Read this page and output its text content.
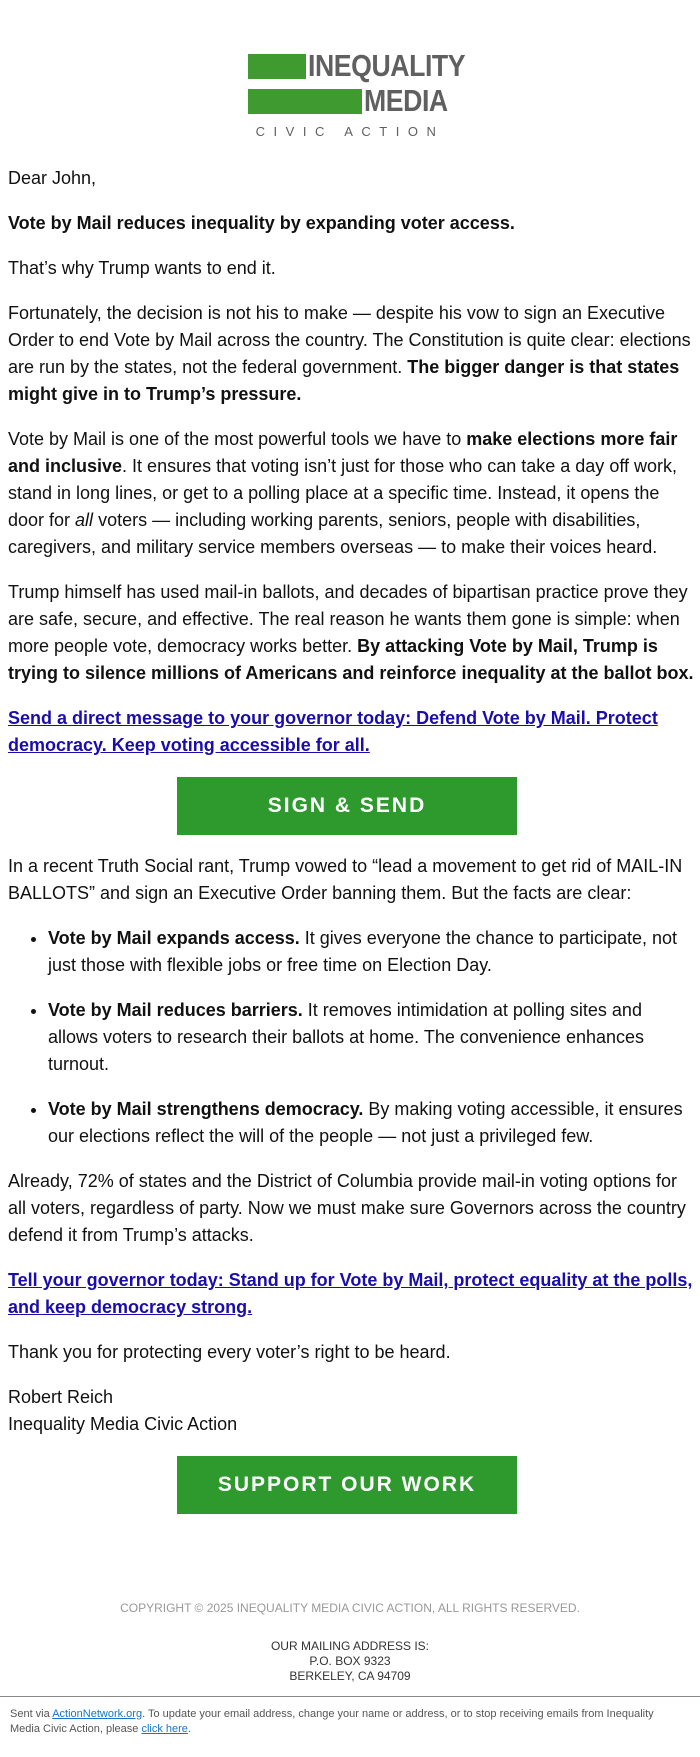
INEQUALITY
MEDIA
CIVIC ACTION

Dear John,

Vote by Mail reduces inequality by expanding voter access.

That’s why Trump wants to end it.

Fortunately, the decision is not his to make — despite his vow to sign an Executive Order to end Vote by Mail across the country. The Constitution is quite clear: elections are run by the states, not the federal government. The bigger danger is that states might give in to Trump’s pressure.

Vote by Mail is one of the most powerful tools we have to make elections more fair and inclusive. It ensures that voting isn’t just for those who can take a day off work, stand in long lines, or get to a polling place at a specific time. Instead, it opens the door for all voters — including working parents, seniors, people with disabilities, caregivers, and military service members overseas — to make their voices heard.

Trump himself has used mail-in ballots, and decades of bipartisan practice prove they are safe, secure, and effective. The real reason he wants them gone is simple: when more people vote, democracy works better. By attacking Vote by Mail, Trump is trying to silence millions of Americans and reinforce inequality at the ballot box.

Send a direct message to your governor today: Defend Vote by Mail. Protect democracy. Keep voting accessible for all.

SIGN & SEND

In a recent Truth Social rant, Trump vowed to “lead a movement to get rid of MAIL-IN BALLOTS” and sign an Executive Order banning them. But the facts are clear:

• Vote by Mail expands access. It gives everyone the chance to participate, not just those with flexible jobs or free time on Election Day.
• Vote by Mail reduces barriers. It removes intimidation at polling sites and allows voters to research their ballots at home. The convenience enhances turnout.
• Vote by Mail strengthens democracy. By making voting accessible, it ensures our elections reflect the will of the people — not just a privileged few.

Already, 72% of states and the District of Columbia provide mail-in voting options for all voters, regardless of party. Now we must make sure Governors across the country defend it from Trump’s attacks.

Tell your governor today: Stand up for Vote by Mail, protect equality at the polls, and keep democracy strong.

Thank you for protecting every voter’s right to be heard.

Robert Reich
Inequality Media Civic Action

SUPPORT OUR WORK
COPYRIGHT © 2025 INEQUALITY MEDIA CIVIC ACTION, ALL RIGHTS RESERVED.
OUR MAILING ADDRESS IS:
P.O. BOX 9323
BERKELEY, CA 94709
Sent via ActionNetwork.org. To update your email address, change your name or address, or to stop receiving emails from Inequality Media Civic Action, please click here.
